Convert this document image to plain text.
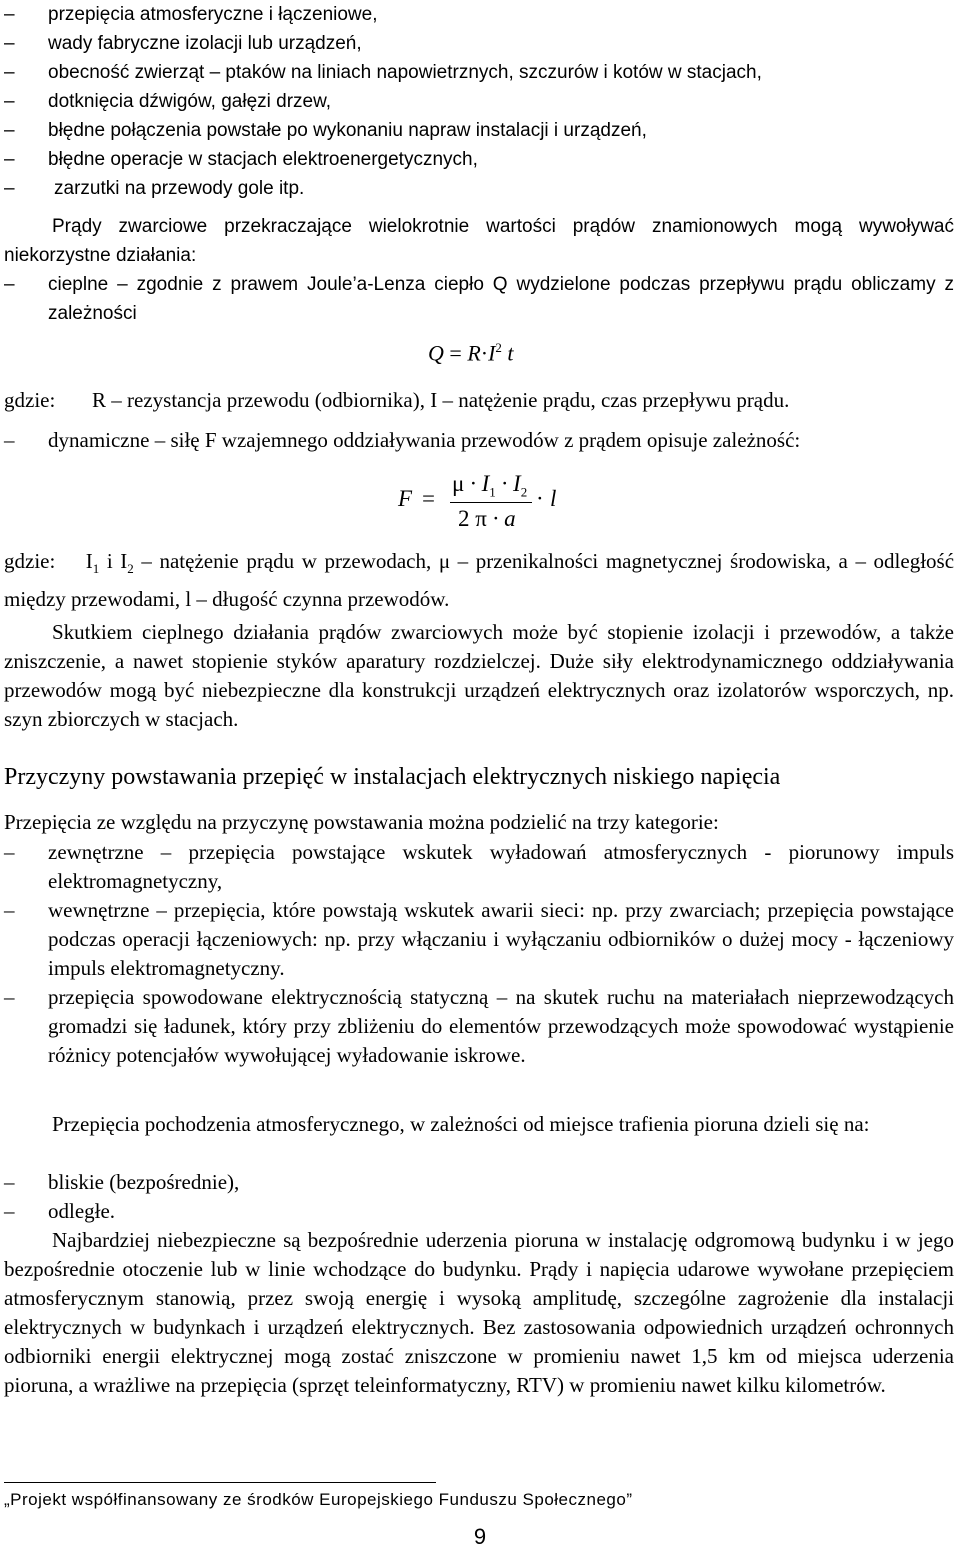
– przepięcia atmosferyczne i łączeniowe,
– wady fabryczne izolacji lub urządzeń,
– obecność zwierząt – ptaków na liniach napowietrznych, szczurów i kotów w stacjach,
– dotknięcia dźwigów, gałęzi drzew,
– błędne połączenia powstałe po wykonaniu napraw instalacji i urządzeń,
– błędne operacje w stacjach elektroenergetycznych,
– zarzutki na przewody gole itp.

Prądy zwarciowe przekraczające wielokrotnie wartości prądów znamionowych mogą wywoływać niekorzystne działania:

– cieplne – zgodnie z prawem Joule’a-Lenza ciepło Q wydzielone podczas przepływu prądu obliczamy z zależności
$Q = R\cdot I^2$ t
gdzie: R – rezystancja przewodu (odbiornika), I – natężenie prądu, czas przepływu prądu.
– dynamiczne – siłę F wzajemnego oddziaływania przewodów z prądem opisuje zależność:
F =
$\mu \cdot I_1 \cdot I_2$
2 π · a
· l

gdzie: $I_1$ i $I_2$ – natężenie prądu w przewodach, μ – przenikalności magnetycznej środowiska, a – odległość między przewodami, l – długość czynna przewodów.

Skutkiem cieplnego działania prądów zwarciowych może być stopienie izolacji i przewodów, a także zniszczenie, a nawet stopienie styków aparatury rozdzielczej. Duże siły elektrodynamicznego oddziaływania przewodów mogą być niebezpieczne dla konstrukcji urządzeń elektrycznych oraz izolatorów wsporczych, np. szyn zbiorczych w stacjach.

Przyczyny powstawania przepięć w instalacjach elektrycznych niskiego napięcia

Przepięcia ze względu na przyczynę powstawania można podzielić na trzy kategorie:

– zewnętrzne – przepięcia powstające wskutek wyładowań atmosferycznych - piorunowy impuls elektromagnetyczny,
– wewnętrzne – przepięcia, które powstają wskutek awarii sieci: np. przy zwarciach; przepięcia powstające podczas operacji łączeniowych: np. przy włączaniu i wyłączaniu odbiorników o dużej mocy - łączeniowy impuls elektromagnetyczny.
– przepięcia spowodowane elektrycznością statyczną – na skutek ruchu na materiałach nieprzewodzących gromadzi się ładunek, który przy zbliżeniu do elementów przewodzących może spowodować wystąpienie różnicy potencjałów wywołującej wyładowanie iskrowe.

Przepięcia pochodzenia atmosferycznego, w zależności od miejsce trafienia pioruna dzieli się na:

– bliskie (bezpośrednie),
– odległe.

Najbardziej niebezpieczne są bezpośrednie uderzenia pioruna w instalację odgromową budynku i w jego bezpośrednie otoczenie lub w linie wchodzące do budynku. Prądy i napięcia udarowe wywołane przepięciem atmosferycznym stanowią, przez swoją energię i wysoką amplitudę, szczególne zagrożenie dla instalacji elektrycznych w budynkach i urządzeń elektrycznych. Bez zastosowania odpowiednich urządzeń ochronnych odbiorniki energii elektrycznej mogą zostać zniszczone w promieniu nawet 1,5 km od miejsca uderzenia pioruna, a wrażliwe na przepięcia (sprzęt teleinformatyczny, RTV) w promieniu nawet kilku kilometrów.

„Projekt współfinansowany ze środków Europejskiego Funduszu Społecznego”
9
